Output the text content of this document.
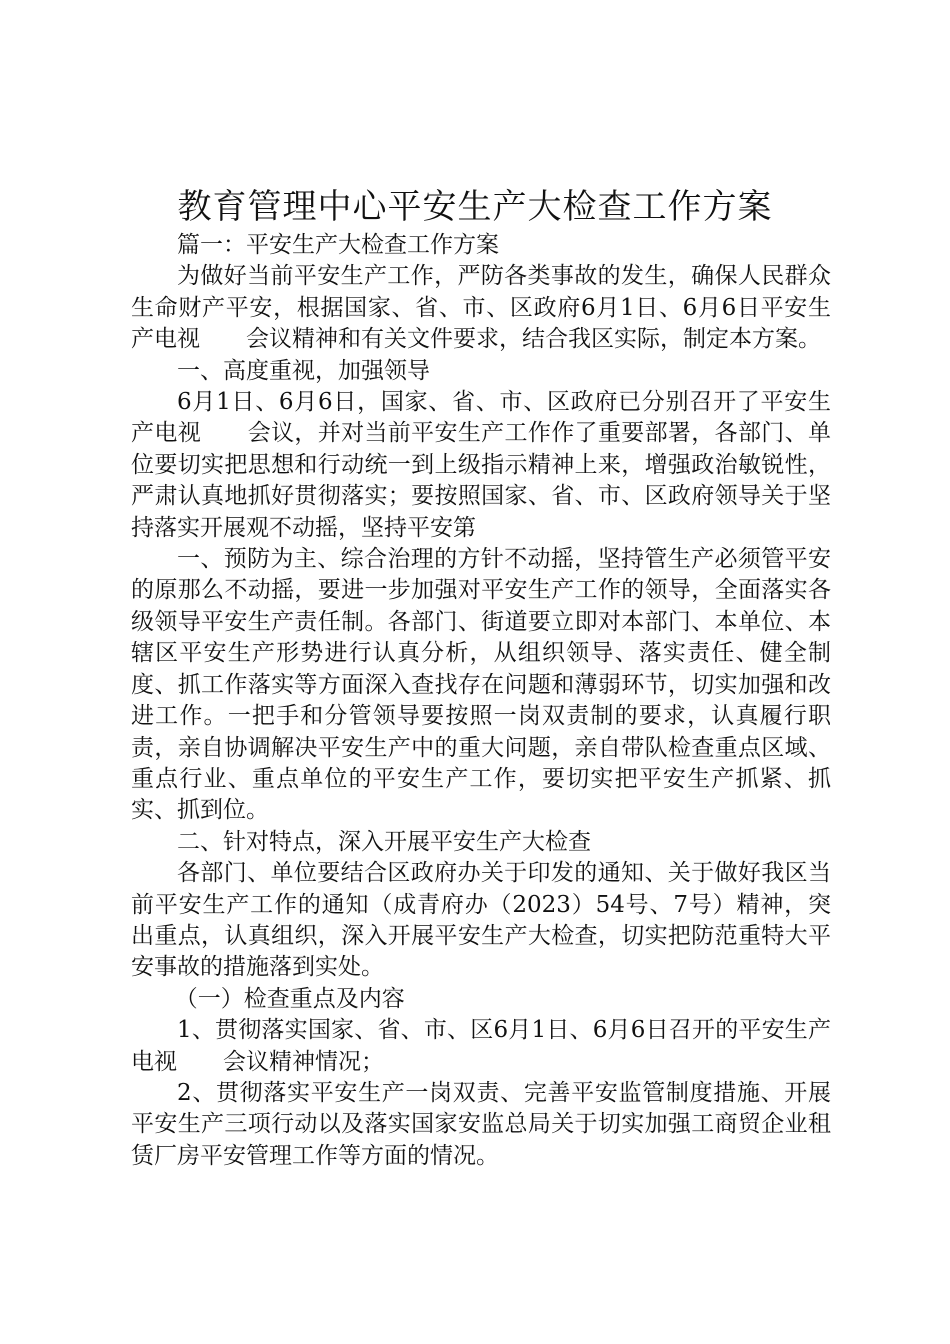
教育管理中心平安生产大检查工作方案

篇一：平安生产大检查工作方案

为做好当前平安生产工作，严防各类事故的发生，确保人民群众生命财产平安，根据国家、省、市、区政府6月1日、6月6日平安生产电视　　会议精神和有关文件要求，结合我区实际，制定本方案。

一、高度重视，加强领导

6月1日、6月6日，国家、省、市、区政府已分别召开了平安生产电视　　会议，并对当前平安生产工作作了重要部署，各部门、单位要切实把思想和行动统一到上级指示精神上来，增强政治敏锐性，严肃认真地抓好贯彻落实；要按照国家、省、市、区政府领导关于坚持落实开展观不动摇，坚持平安第

一、预防为主、综合治理的方针不动摇，坚持管生产必须管平安的原那么不动摇，要进一步加强对平安生产工作的领导，全面落实各级领导平安生产责任制。各部门、街道要立即对本部门、本单位、本辖区平安生产形势进行认真分析，从组织领导、落实责任、健全制度、抓工作落实等方面深入查找存在问题和薄弱环节，切实加强和改进工作。一把手和分管领导要按照一岗双责制的要求，认真履行职责，亲自协调解决平安生产中的重大问题，亲自带队检查重点区域、重点行业、重点单位的平安生产工作，要切实把平安生产抓紧、抓实、抓到位。

二、针对特点，深入开展平安生产大检查

各部门、单位要结合区政府办关于印发的通知、关于做好我区当前平安生产工作的通知（成青府办（2023）54号、7号）精神，突出重点，认真组织，深入开展平安生产大检查，切实把防范重特大平安事故的措施落到实处。

（一）检查重点及内容

1、贯彻落实国家、省、市、区6月1日、6月6日召开的平安生产电视　　会议精神情况；

2、贯彻落实平安生产一岗双责、完善平安监管制度措施、开展平安生产三项行动以及落实国家安监总局关于切实加强工商贸企业租赁厂房平安管理工作等方面的情况。
